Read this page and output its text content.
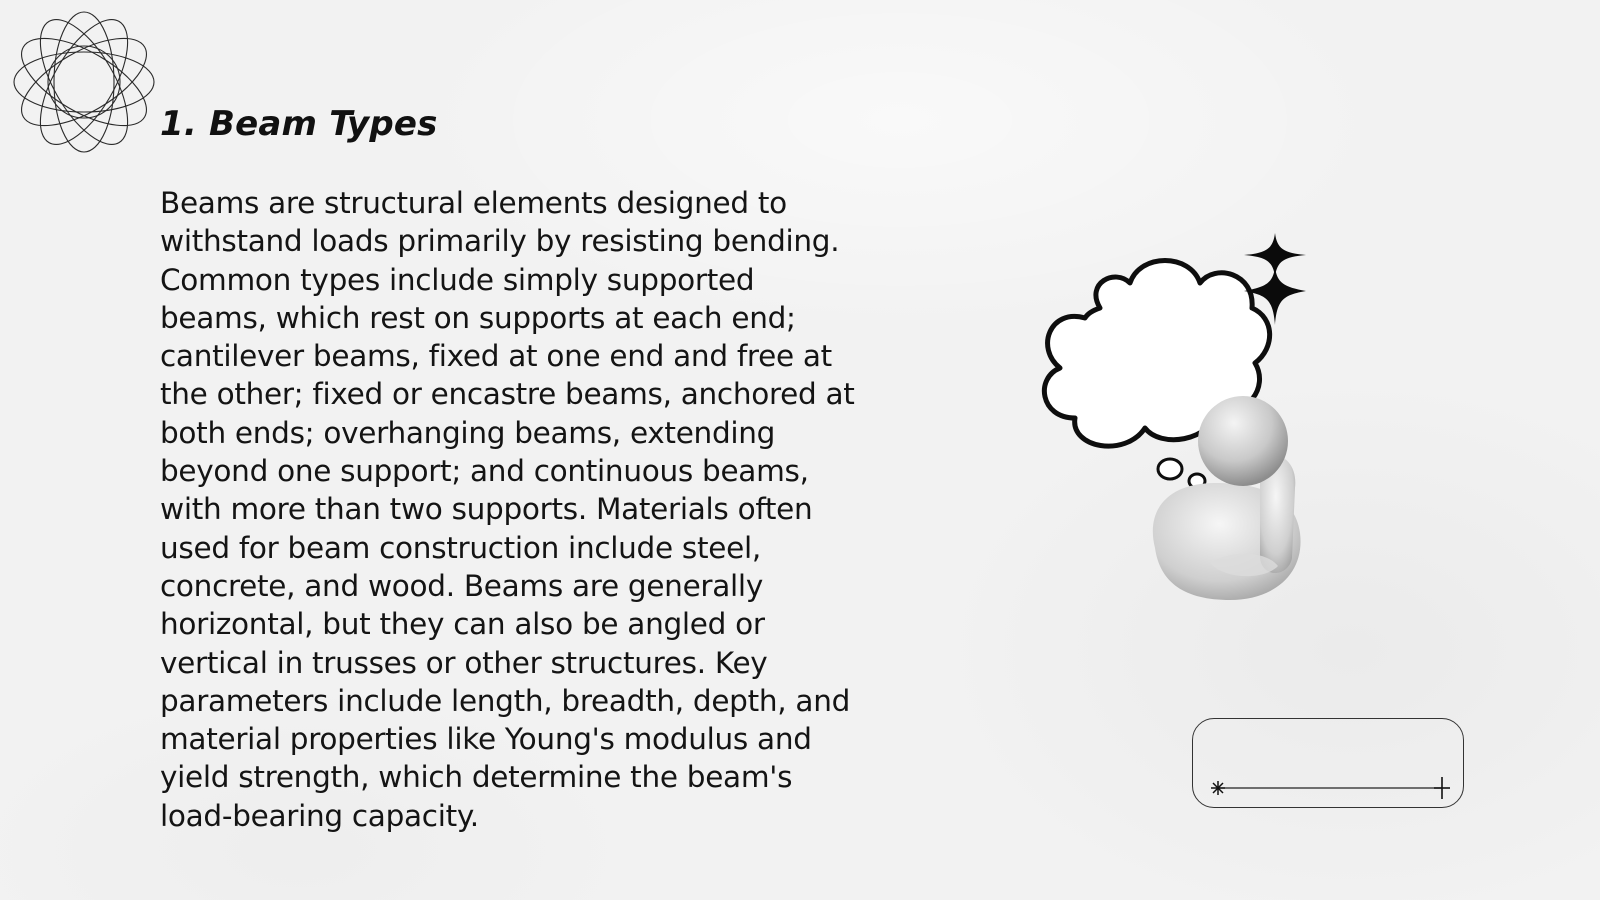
1. Beam Types

Beams are structural elements designed to withstand loads primarily by resisting bending. Common types include simply supported beams, which rest on supports at each end; cantilever beams, fixed at one end and free at the other; fixed or encastre beams, anchored at both ends; overhanging beams, extending beyond one support; and continuous beams, with more than two supports. Materials often used for beam construction include steel, concrete, and wood. Beams are generally horizontal, but they can also be angled or vertical in trusses or other structures. Key parameters include length, breadth, depth, and material properties like Young's modulus and yield strength, which determine the beam's load-bearing capacity.
